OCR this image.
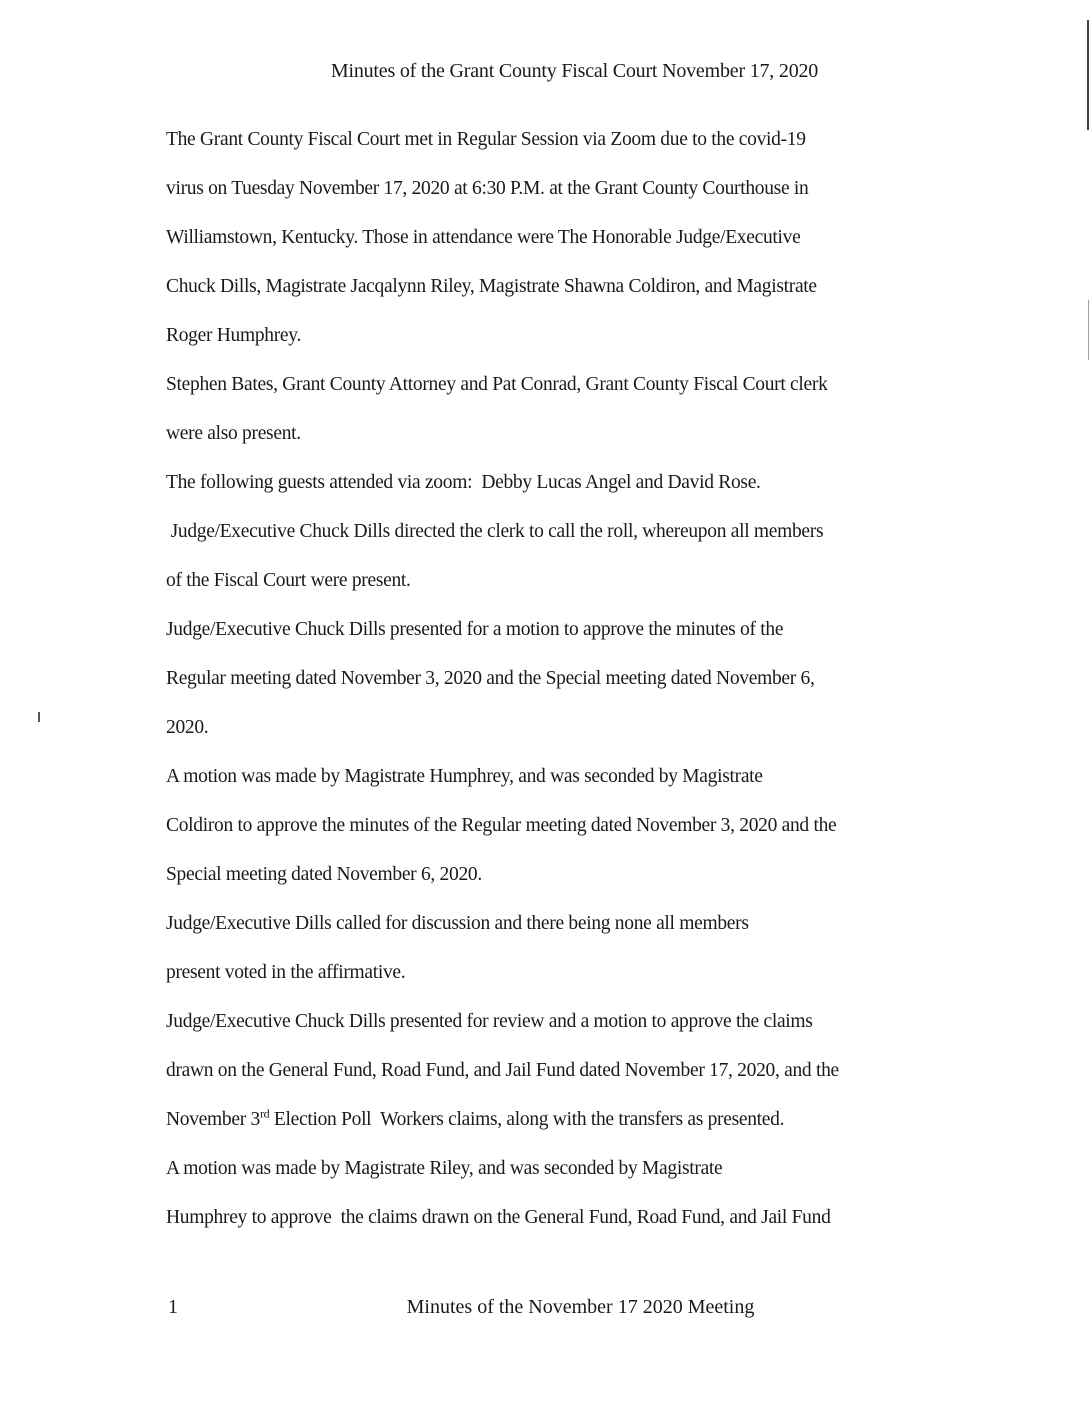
Minutes of the Grant County Fiscal Court November 17, 2020
The Grant County Fiscal Court met in Regular Session via Zoom due to the covid-19
virus on Tuesday November 17, 2020 at 6:30 P.M. at the Grant County Courthouse in
Williamstown, Kentucky. Those in attendance were The Honorable Judge/Executive
Chuck Dills, Magistrate Jacqalynn Riley, Magistrate Shawna Coldiron, and Magistrate
Roger Humphrey.
Stephen Bates, Grant County Attorney and Pat Conrad, Grant County Fiscal Court clerk
were also present.
The following guests attended via zoom:  Debby Lucas Angel and David Rose.
Judge/Executive Chuck Dills directed the clerk to call the roll, whereupon all members
of the Fiscal Court were present.
Judge/Executive Chuck Dills presented for a motion to approve the minutes of the
Regular meeting dated November 3, 2020 and the Special meeting dated November 6,
2020.
A motion was made by Magistrate Humphrey, and was seconded by Magistrate
Coldiron to approve the minutes of the Regular meeting dated November 3, 2020 and the
Special meeting dated November 6, 2020.
Judge/Executive Dills called for discussion and there being none all members
present voted in the affirmative.
Judge/Executive Chuck Dills presented for review and a motion to approve the claims
drawn on the General Fund, Road Fund, and Jail Fund dated November 17, 2020, and the
November 3rd Election Poll  Workers claims, along with the transfers as presented.
A motion was made by Magistrate Riley, and was seconded by Magistrate
Humphrey to approve  the claims drawn on the General Fund, Road Fund, and Jail Fund
1	Minutes of the November 17 2020 Meeting
